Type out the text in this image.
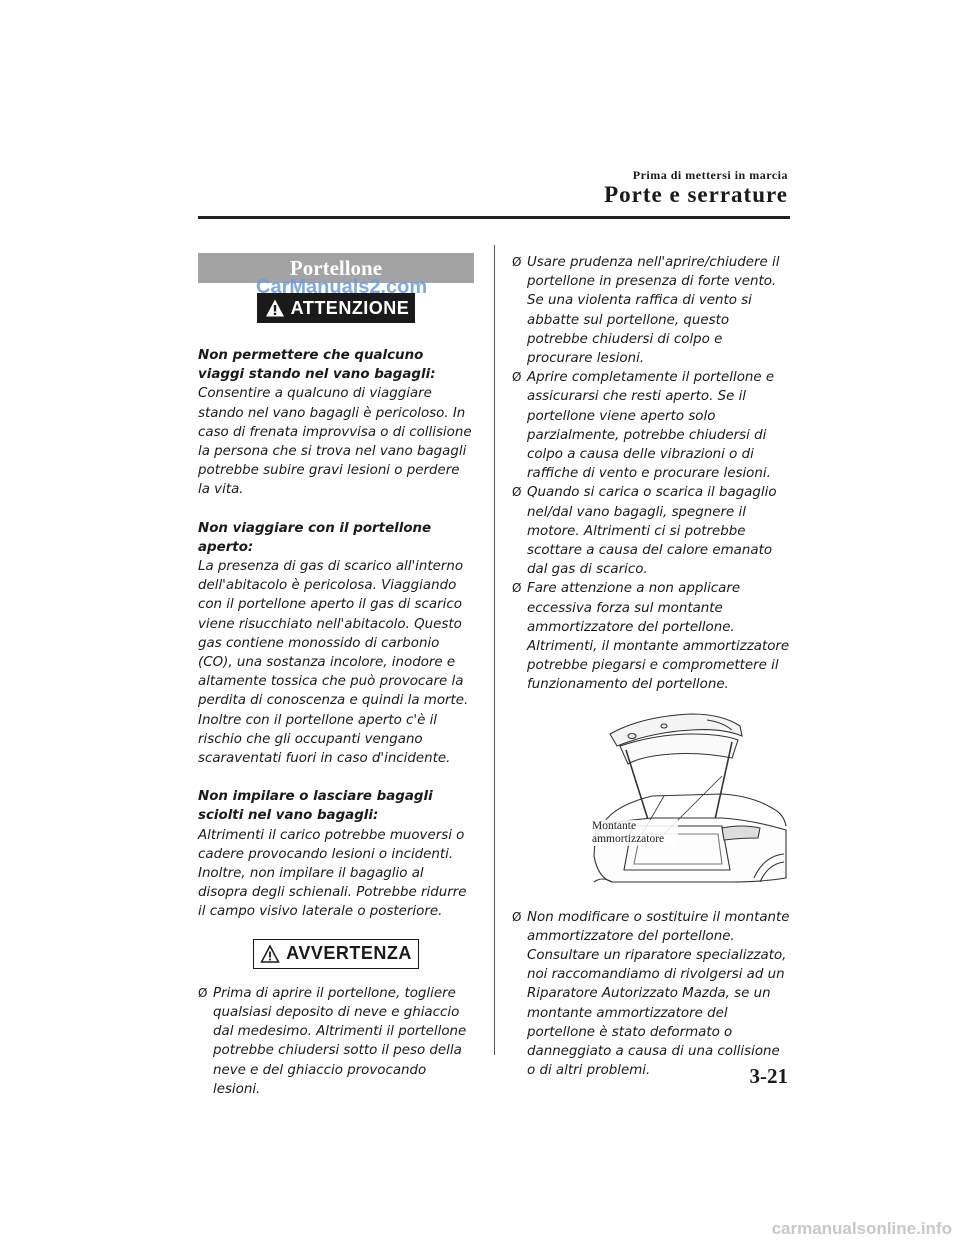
Prima di mettersi in marcia
Porte e serrature
Portellone
CarManuals2.com
ATTENZIONE
Non permettere che qualcuno viaggi stando nel vano bagagli:
Consentire a qualcuno di viaggiare stando nel vano bagagli è pericoloso. In caso di frenata improvvisa o di collisione la persona che si trova nel vano bagagli potrebbe subire gravi lesioni o perdere la vita.
Non viaggiare con il portellone aperto:
La presenza di gas di scarico all'interno dell'abitacolo è pericolosa. Viaggiando con il portellone aperto il gas di scarico viene risucchiato nell'abitacolo. Questo gas contiene monossido di carbonio (CO), una sostanza incolore, inodore e altamente tossica che può provocare la perdita di conoscenza e quindi la morte. Inoltre con il portellone aperto c'è il rischio che gli occupanti vengano scaraventati fuori in caso d'incidente.
Non impilare o lasciare bagagli sciolti nel vano bagagli:
Altrimenti il carico potrebbe muoversi o cadere provocando lesioni o incidenti. Inoltre, non impilare il bagaglio al disopra degli schienali. Potrebbe ridurre il campo visivo laterale o posteriore.
AVVERTENZA
Ø Prima di aprire il portellone, togliere qualsiasi deposito di neve e ghiaccio dal medesimo. Altrimenti il portellone potrebbe chiudersi sotto il peso della neve e del ghiaccio provocando lesioni.
Ø Usare prudenza nell'aprire/chiudere il portellone in presenza di forte vento. Se una violenta raffica di vento si abbatte sul portellone, questo potrebbe chiudersi di colpo e procurare lesioni.
Ø Aprire completamente il portellone e assicurarsi che resti aperto. Se il portellone viene aperto solo parzialmente, potrebbe chiudersi di colpo a causa delle vibrazioni o di raffiche di vento e procurare lesioni.
Ø Quando si carica o scarica il bagaglio nel/dal vano bagagli, spegnere il motore. Altrimenti ci si potrebbe scottare a causa del calore emanato dal gas di scarico.
Ø Fare attenzione a non applicare eccessiva forza sul montante ammortizzatore del portellone. Altrimenti, il montante ammortizzatore potrebbe piegarsi e compromettere il funzionamento del portellone.
Montante ammortizzatore
Ø Non modificare o sostituire il montante ammortizzatore del portellone. Consultare un riparatore specializzato, noi raccomandiamo di rivolgersi ad un Riparatore Autorizzato Mazda, se un montante ammortizzatore del portellone è stato deformato o danneggiato a causa di una collisione o di altri problemi.	3-21
carmanualsonline.info
